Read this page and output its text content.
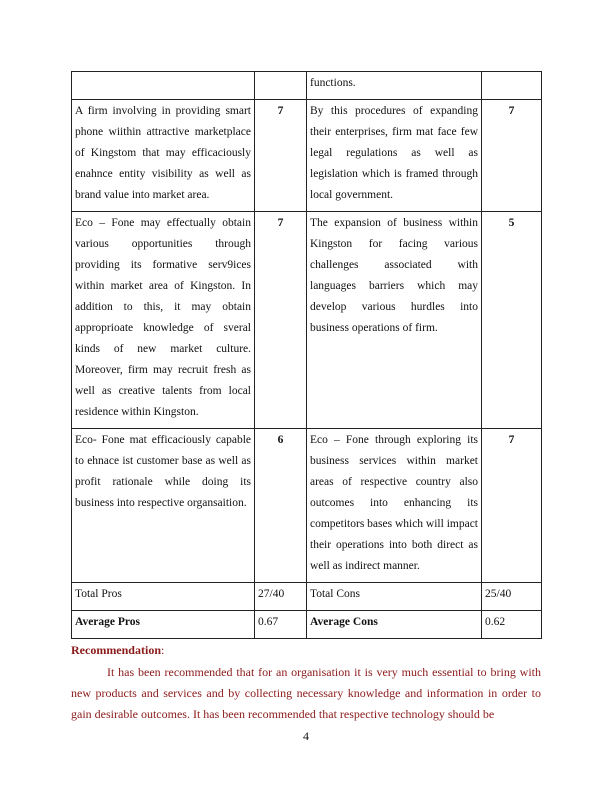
		functions.	
A firm involving in providing smart phone wiithin attractive marketplace of Kingstom that may efficaciously enahnce entity visibility as well as brand value into market area.	7	By this procedures of expanding their enterprises, firm mat face few legal regulations as well as legislation which is framed through local government.	7
Eco – Fone may effectually obtain various opportunities through providing its formative serv9ices within market area of Kingston. In addition to this, it may obtain approprioate knowledge of sveral kinds of new market culture. Moreover, firm may recruit fresh as well as creative talents from local residence within Kingston.	7	The expansion of business within Kingston for facing various challenges associated with languages barriers which may develop various hurdles into business operations of firm.	5
Eco- Fone mat efficaciously capable to ehnace ist customer base as well as profit rationale while doing its business into respective organsaition.	6	Eco – Fone through exploring its business services within market areas of respective country also outcomes into enhancing its competitors bases which will impact their operations into both direct as well as indirect manner.	7
Total Pros	27/40	Total Cons	25/40
Average Pros	0.67	Average Cons	0.62
Recommendation:

It has been recommended that for an organisation it is very much essential to bring with new products and services and by collecting necessary knowledge and information in order to gain desirable outcomes. It has been recommended that respective technology should be

4
